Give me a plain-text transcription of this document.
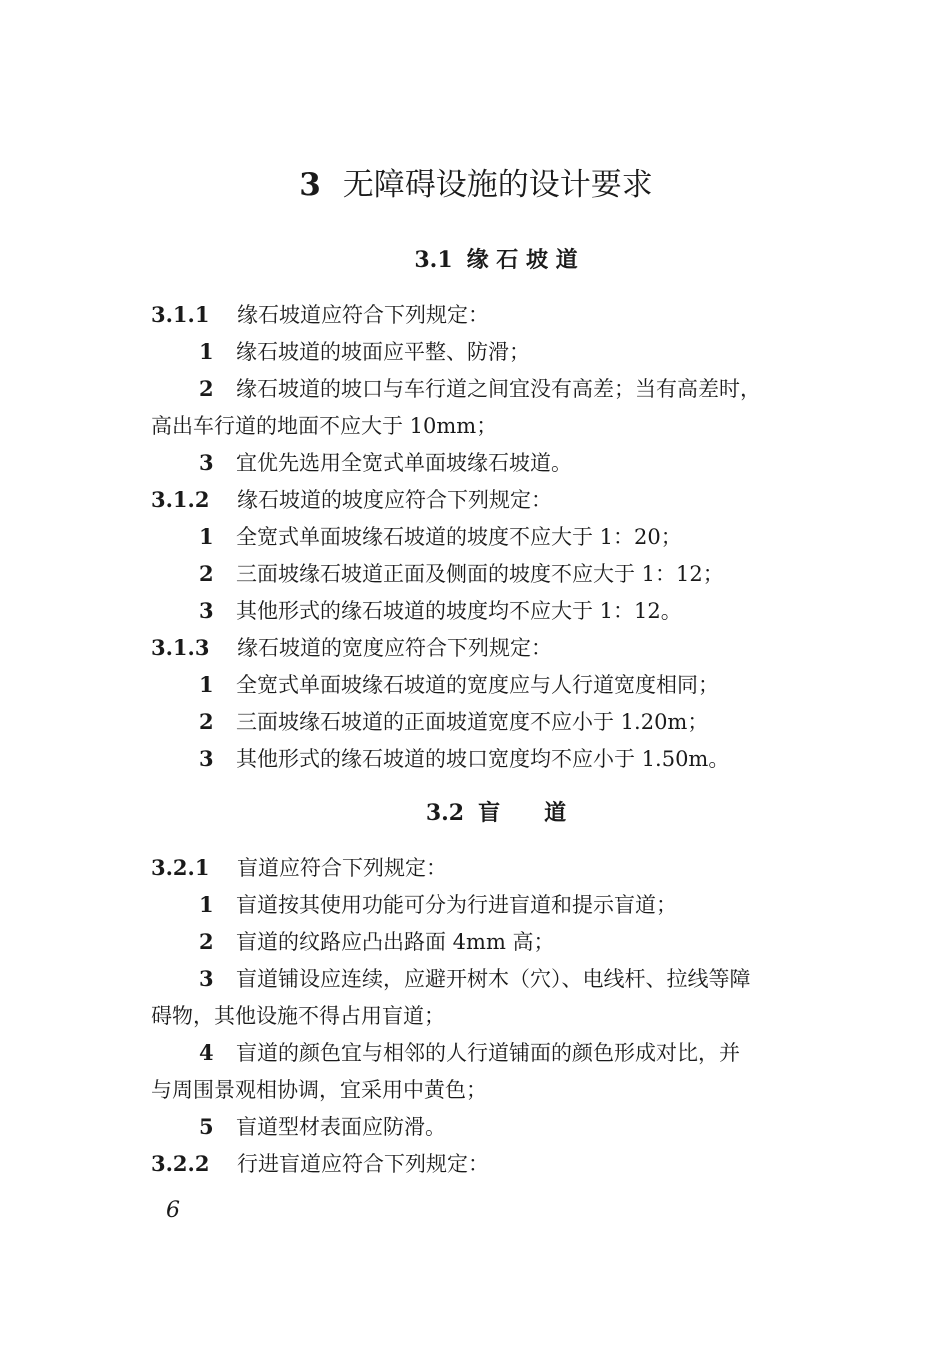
3 无障碍设施的设计要求
3.1 缘 石 坡 道
3.1.1 缘石坡道应符合下列规定：
1 缘石坡道的坡面应平整、防滑；
2 缘石坡道的坡口与车行道之间宜没有高差；当有高差时，
高出车行道的地面不应大于 10mm；
3 宜优先选用全宽式单面坡缘石坡道。
3.1.2 缘石坡道的坡度应符合下列规定：
1 全宽式单面坡缘石坡道的坡度不应大于 1：20；
2 三面坡缘石坡道正面及侧面的坡度不应大于 1：12；
3 其他形式的缘石坡道的坡度均不应大于 1：12。
3.1.3 缘石坡道的宽度应符合下列规定：
1 全宽式单面坡缘石坡道的宽度应与人行道宽度相同；
2 三面坡缘石坡道的正面坡道宽度不应小于 1.20m；
3 其他形式的缘石坡道的坡口宽度均不应小于 1.50m。
3.2 盲　　道
3.2.1 盲道应符合下列规定：
1 盲道按其使用功能可分为行进盲道和提示盲道；
2 盲道的纹路应凸出路面 4mm 高；
3 盲道铺设应连续，应避开树木（穴）、电线杆、拉线等障
碍物，其他设施不得占用盲道；
4 盲道的颜色宜与相邻的人行道铺面的颜色形成对比，并
与周围景观相协调，宜采用中黄色；
5 盲道型材表面应防滑。
3.2.2 行进盲道应符合下列规定：
6
